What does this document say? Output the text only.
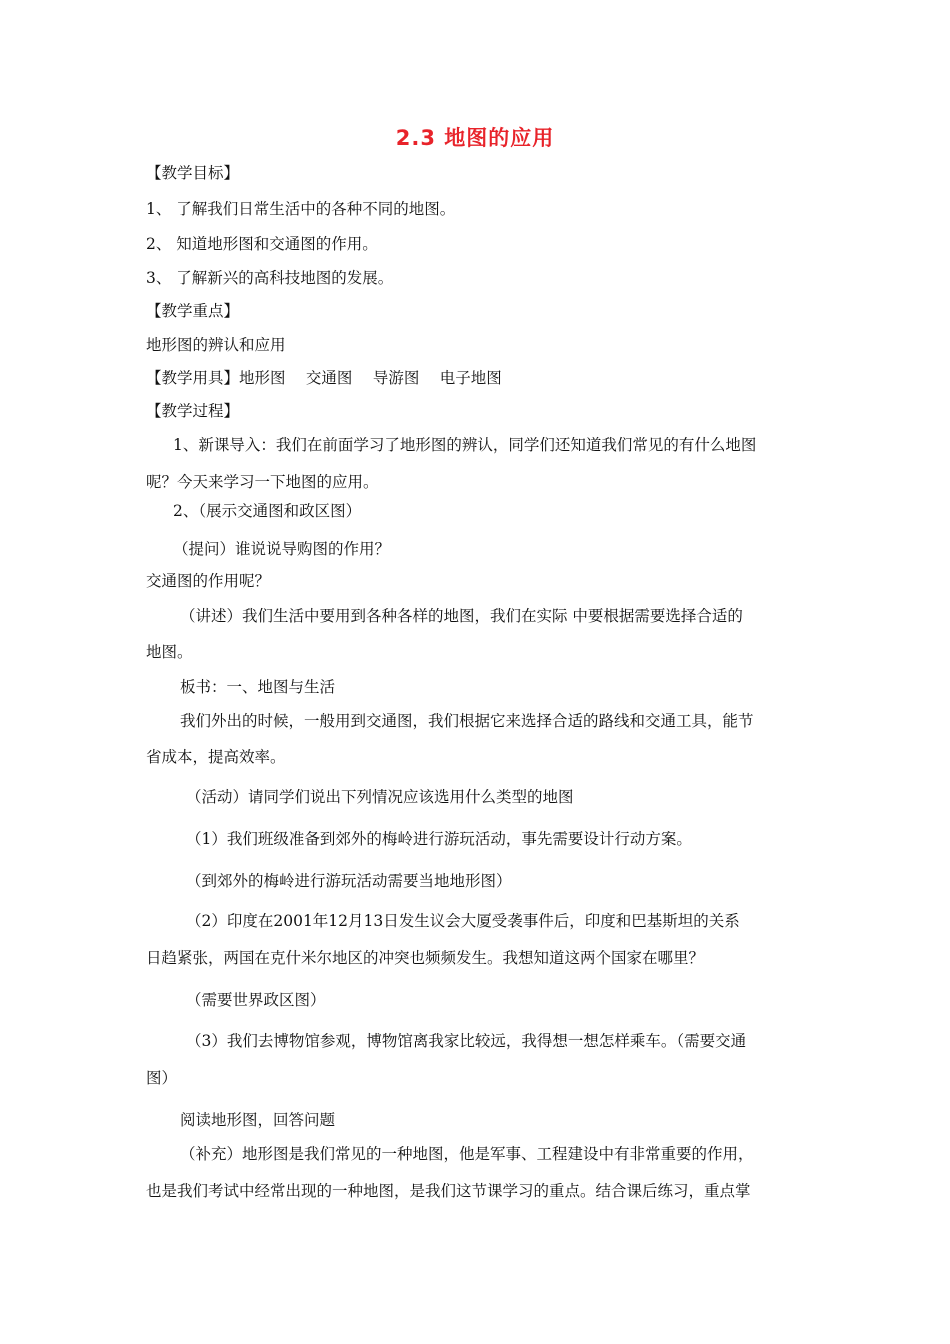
2.3 地图的应用
【教学目标】
1、 了解我们日常生活中的各种不同的地图。
2、 知道地形图和交通图的作用。
3、 了解新兴的高科技地图的发展。
【教学重点】
地形图的辨认和应用
【教学用具】地形图　 交通图　 导游图　 电子地图
【教学过程】
1、新课导入：我们在前面学习了地形图的辨认，同学们还知道我们常见的有什么地图
呢？今天来学习一下地图的应用。
2、（展示交通图和政区图）
（提问）谁说说导购图的作用？
交通图的作用呢？
（讲述）我们生活中要用到各种各样的地图，我们在实际 中要根据需要选择合适的
地图。
板书：一、地图与生活
我们外出的时候，一般用到交通图，我们根据它来选择合适的路线和交通工具，能节
省成本，提高效率。
（活动）请同学们说出下列情况应该选用什么类型的地图
（1）我们班级准备到郊外的梅岭进行游玩活动，事先需要设计行动方案。
（到郊外的梅岭进行游玩活动需要当地地形图）
（2）印度在2001年12月13日发生议会大厦受袭事件后，印度和巴基斯坦的关系
日趋紧张，两国在克什米尔地区的冲突也频频发生。我想知道这两个国家在哪里？
（需要世界政区图）
（3）我们去博物馆参观，博物馆离我家比较远，我得想一想怎样乘车。（需要交通
图）
阅读地形图，回答问题
（补充）地形图是我们常见的一种地图，他是军事、工程建设中有非常重要的作用，
也是我们考试中经常出现的一种地图，是我们这节课学习的重点。结合课后练习，重点掌
